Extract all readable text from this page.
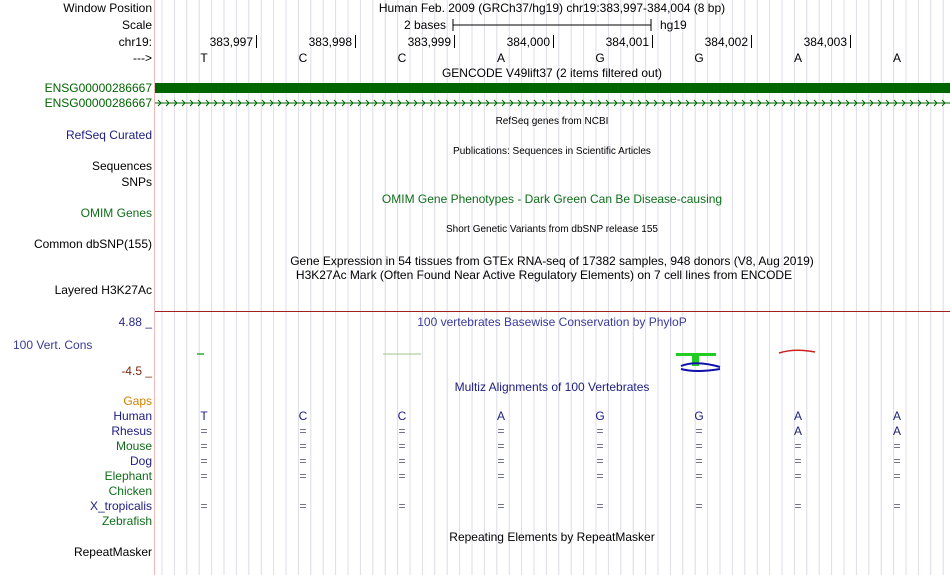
Window Position	Human Feb. 2009 (GRCh37/hg19) chr19:383,997-384,004 (8 bp)
Scale	2 bases	hg19
chr19:	383,997	383,998	383,999	384,000	384,001	384,002	384,003
--->	T	C	C	A	G	G	A	A
GENCODE V49lift37 (2 items filtered out)
ENSG00000286667
ENSG00000286667
RefSeq genes from NCBI
RefSeq Curated
Publications: Sequences in Scientific Articles
Sequences
SNPs
OMIM Gene Phenotypes - Dark Green Can Be Disease-causing
OMIM Genes
Short Genetic Variants from dbSNP release 155
Common dbSNP(155)
Gene Expression in 54 tissues from GTEx RNA-seq of 17382 samples, 948 donors (V8, Aug 2019)
H3K27Ac Mark (Often Found Near Active Regulatory Elements) on 7 cell lines from ENCODE
Layered H3K27Ac
4.88 _	100 vertebrates Basewise Conservation by PhyloP
100 Vert. Cons
-4.5 _
Multiz Alignments of 100 Vertebrates
Gaps
Human	T	C	C	A	G	G	A	A
Rhesus	=	=	=	=	=	=	A	A
Mouse	=	=	=	=	=	=	=	=
Dog	=	=	=	=	=	=	=	=
Elephant	=	=	=	=	=	=	=	=
Chicken
X_tropicalis	=	=	=	=	=	=	=	=
Zebrafish
Repeating Elements by RepeatMasker
RepeatMasker
